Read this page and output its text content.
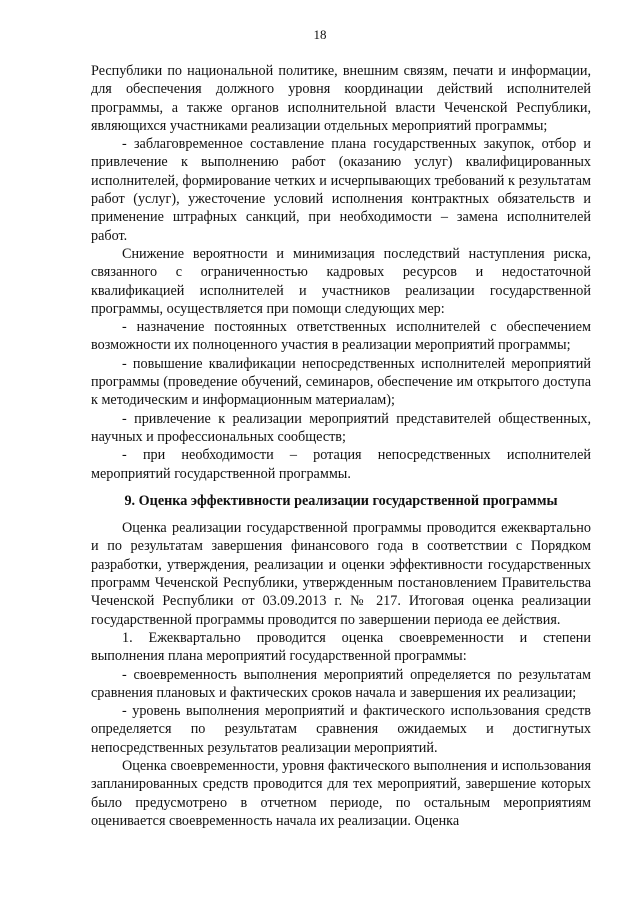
18

Республики по национальной политике, внешним связям, печати и информации, для обеспечения должного уровня координации действий исполнителей программы, а также органов исполнительной власти Чеченской Республики, являющихся участниками реализации отдельных мероприятий программы;

- заблаговременное составление плана государственных закупок, отбор и привлечение к выполнению работ (оказанию услуг) квалифицированных исполнителей, формирование четких и исчерпывающих требований к результатам работ (услуг), ужесточение условий исполнения контрактных обязательств и применение штрафных санкций, при необходимости – замена исполнителей работ.

Снижение вероятности и минимизация последствий наступления риска, связанного с ограниченностью кадровых ресурсов и недостаточной квалификацией исполнителей и участников реализации государственной программы, осуществляется при помощи следующих мер:

- назначение постоянных ответственных исполнителей с обеспечением возможности их полноценного участия в реализации мероприятий программы;

- повышение квалификации непосредственных исполнителей мероприятий программы (проведение обучений, семинаров, обеспечение им открытого доступа к методическим и информационным материалам);

- привлечение к реализации мероприятий представителей общественных, научных и профессиональных сообществ;

- при необходимости – ротация непосредственных исполнителей мероприятий государственной программы.

9. Оценка эффективности реализации государственной программы

Оценка реализации государственной программы проводится ежеквартально и по результатам завершения финансового года в соответствии с Порядком разработки, утверждения, реализации и оценки эффективности государственных программ Чеченской Республики, утвержденным постановлением Правительства Чеченской Республики от 03.09.2013 г. № 217. Итоговая оценка реализации государственной программы проводится по завершении периода ее действия.

1. Ежеквартально проводится оценка своевременности и степени выполнения плана мероприятий государственной программы:

- своевременность выполнения мероприятий определяется по результатам сравнения плановых и фактических сроков начала и завершения их реализации;

- уровень выполнения мероприятий и фактического использования средств определяется по результатам сравнения ожидаемых и достигнутых непосредственных результатов реализации мероприятий.

Оценка своевременности, уровня фактического выполнения и использования запланированных средств проводится для тех мероприятий, завершение которых было предусмотрено в отчетном периоде, по остальным мероприятиям оценивается своевременность начала их реализации. Оценка
